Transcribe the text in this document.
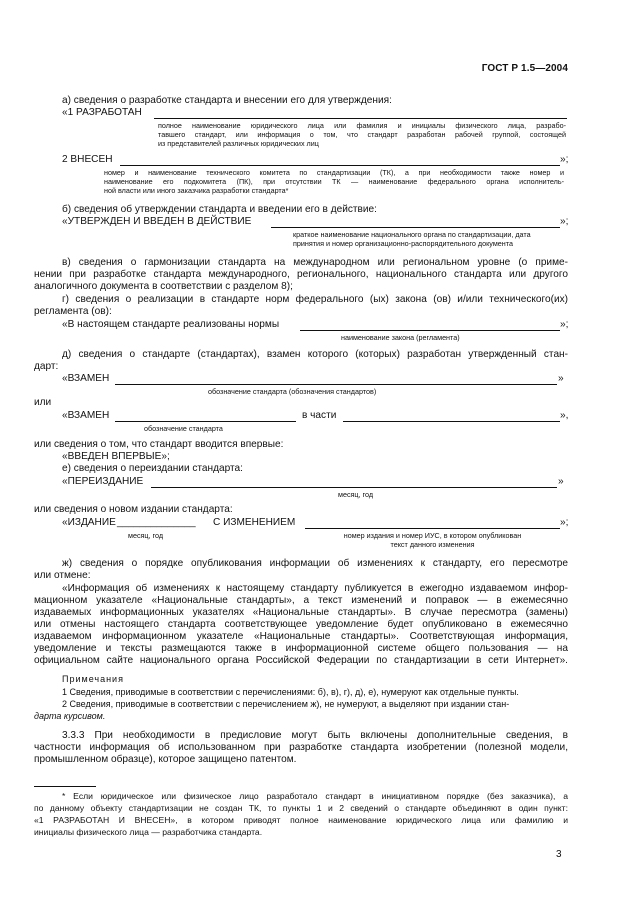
ГОСТ Р 1.5—2004
а) сведения о разработке стандарта и внесении его для утверждения:
«1 РАЗРАБОТАН
полное наименование юридического лица или фамилия и инициалы физического лица, разрабо-
тавшего стандарт, или информация о том, что стандарт разработан рабочей группой, состоящей
из представителей различных юридических лиц
2 ВНЕСЕН	»;
номер и наименование технического комитета по стандартизации (ТК), а при необходимости также номер и
наименование его подкомитета (ПК), при отсутствии ТК — наименование федерального органа исполнитель-
ной власти или иного заказчика разработки стандарта*
б) сведения об утверждении стандарта и введении его в действие:
«УТВЕРЖДЕН И ВВЕДЕН В ДЕЙСТВИЕ	»;
краткое наименование национального органа по стандартизации, дата
принятия и номер организационно-распорядительного документа
в) сведения о гармонизации стандарта на международном или региональном уровне (о приме-
нении при разработке стандарта международного, регионального, национального стандарта или другого
аналогичного документа в соответствии с разделом 8);
г) сведения о реализации в стандарте норм федерального (ых) закона (ов) и/или технического(их)
регламента (ов):
«В настоящем стандарте реализованы нормы	»;
наименование закона (регламента)
д) сведения о стандарте (стандартах), взамен которого (которых) разработан утвержденный стан-
дарт:
«ВЗАМЕН	»
обозначение стандарта (обозначения стандартов)
или
«ВЗАМЕН	в части	»,
обозначение стандарта
или сведения о том, что стандарт вводится впервые:
«ВВЕДЕН ВПЕРВЫЕ»;
е) сведения о переиздании стандарта:
«ПЕРЕИЗДАНИЕ	»
месяц, год
или сведения о новом издании стандарта:
«ИЗДАНИЕ ______________ С ИЗМЕНЕНИЕМ	»;
месяц, год	номер издания и номер ИУС, в котором опубликован
текст данного изменения
ж) сведения о порядке опубликования информации об изменениях к стандарту, его пересмотре
или отмене:
«Информация об изменениях к настоящему стандарту публикуется в ежегодно издаваемом инфор-
мационном указателе «Национальные стандарты», а текст изменений и поправок — в ежемесячно
издаваемых информационных указателях «Национальные стандарты». В случае пересмотра (замены)
или отмены настоящего стандарта соответствующее уведомление будет опубликовано в ежемесячно
издаваемом информационном указателе «Национальные стандарты». Соответствующая информация,
уведомление и тексты размещаются также в информационной системе общего пользования — на
официальном сайте национального органа Российской Федерации по стандартизации в сети Интернет».
Примечания
1 Сведения, приводимые в соответствии с перечислениями: б), в), г), д), е), нумеруют как отдельные пункты.
2 Сведения, приводимые в соответствии с перечислением ж), не нумеруют, а выделяют при издании стан-
дарта курсивом.
3.3.3 При необходимости в предисловие могут быть включены дополнительные сведения, в
частности информация об использованном при разработке стандарта изобретении (полезной модели,
промышленном образце), которое защищено патентом.
* Если юридическое или физическое лицо разработало стандарт в инициативном порядке (без заказчика), а
по данному объекту стандартизации не создан ТК, то пункты 1 и 2 сведений о стандарте объединяют в один пункт:
«1 РАЗРАБОТАН И ВНЕСЕН», в котором приводят полное наименование юридического лица или фамилию и
инициалы физического лица — разработчика стандарта.
3
